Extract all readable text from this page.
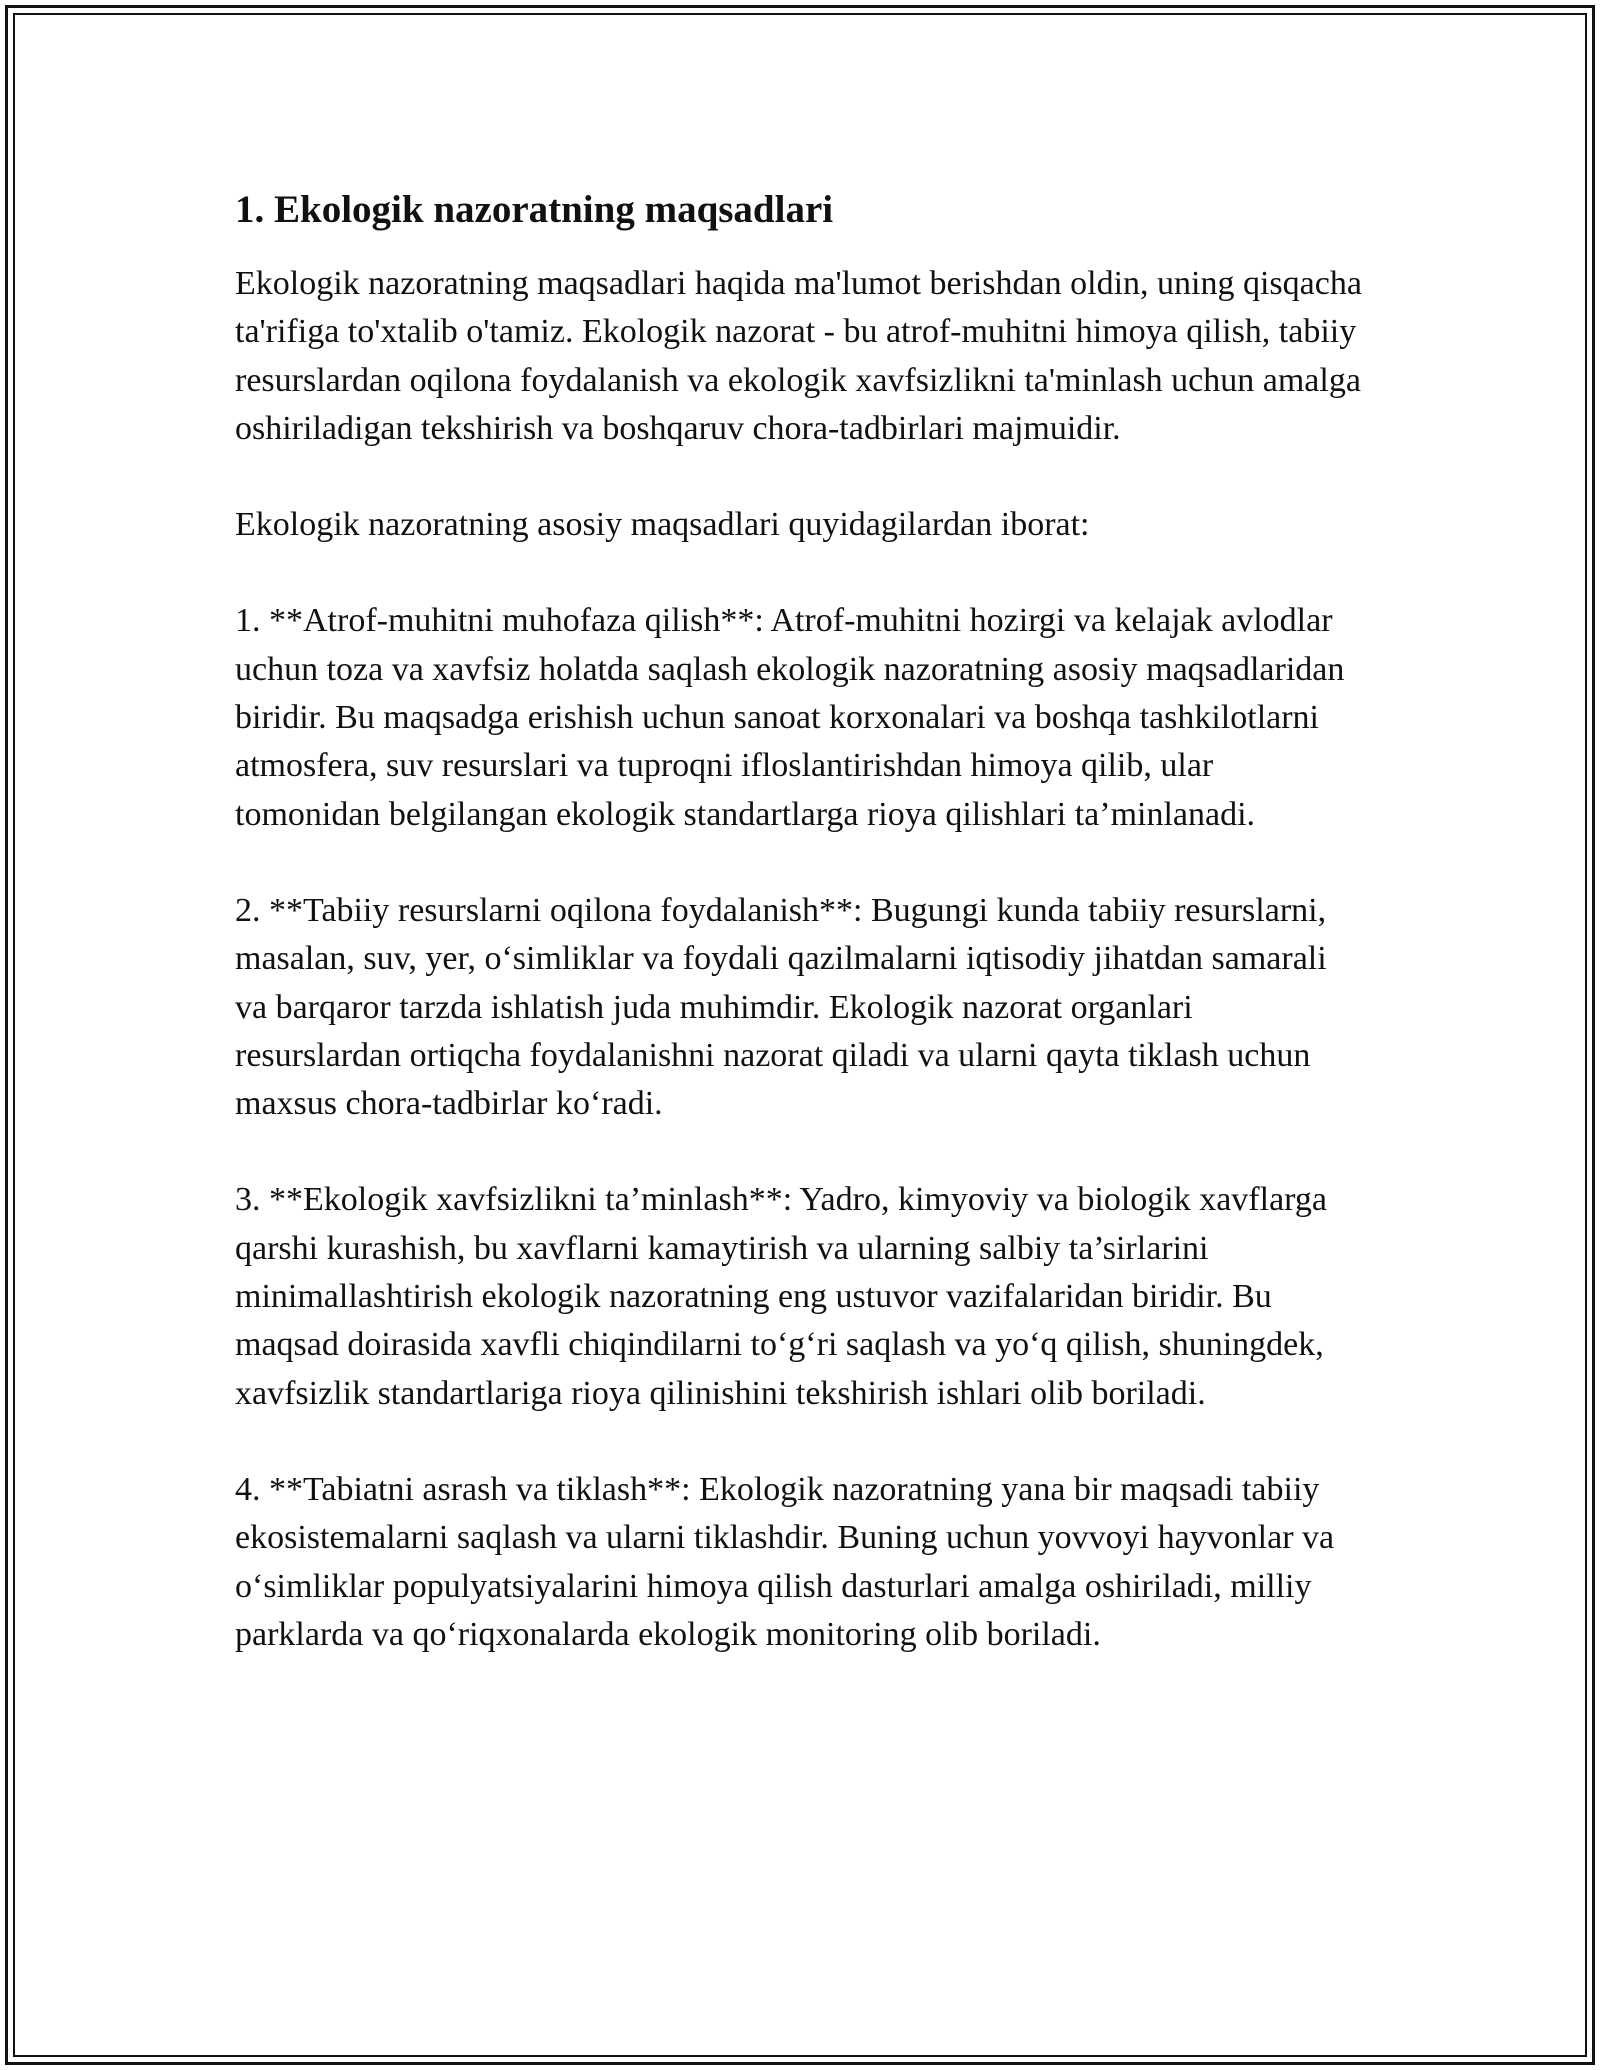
1. Ekologik nazoratning maqsadlari

Ekologik nazoratning maqsadlari haqida ma'lumot berishdan oldin, uning qisqacha ta'rifiga to'xtalib o'tamiz. Ekologik nazorat - bu atrof-muhitni himoya qilish, tabiiy resurslardan oqilona foydalanish va ekologik xavfsizlikni ta'minlash uchun amalga oshiriladigan tekshirish va boshqaruv chora-tadbirlari majmuidir.

Ekologik nazoratning asosiy maqsadlari quyidagilardan iborat:

1. **Atrof-muhitni muhofaza qilish**: Atrof-muhitni hozirgi va kelajak avlodlar uchun toza va xavfsiz holatda saqlash ekologik nazoratning asosiy maqsadlaridan biridir. Bu maqsadga erishish uchun sanoat korxonalari va boshqa tashkilotlarni atmosfera, suv resurslari va tuproqni ifloslantirishdan himoya qilib, ular tomonidan belgilangan ekologik standartlarga rioya qilishlari ta’minlanadi.

2. **Tabiiy resurslarni oqilona foydalanish**: Bugungi kunda tabiiy resurslarni, masalan, suv, yer, o‘simliklar va foydali qazilmalarni iqtisodiy jihatdan samarali va barqaror tarzda ishlatish juda muhimdir. Ekologik nazorat organlari resurslardan ortiqcha foydalanishni nazorat qiladi va ularni qayta tiklash uchun maxsus chora-tadbirlar ko‘radi.

3. **Ekologik xavfsizlikni ta’minlash**: Yadro, kimyoviy va biologik xavflarga qarshi kurashish, bu xavflarni kamaytirish va ularning salbiy ta’sirlarini minimallashtirish ekologik nazoratning eng ustuvor vazifalaridan biridir. Bu maqsad doirasida xavfli chiqindilarni to‘g‘ri saqlash va yo‘q qilish, shuningdek, xavfsizlik standartlariga rioya qilinishini tekshirish ishlari olib boriladi.

4. **Tabiatni asrash va tiklash**: Ekologik nazoratning yana bir maqsadi tabiiy ekosistemalarni saqlash va ularni tiklashdir. Buning uchun yovvoyi hayvonlar va o‘simliklar populyatsiyalarini himoya qilish dasturlari amalga oshiriladi, milliy parklarda va qo‘riqxonalarda ekologik monitoring olib boriladi.
